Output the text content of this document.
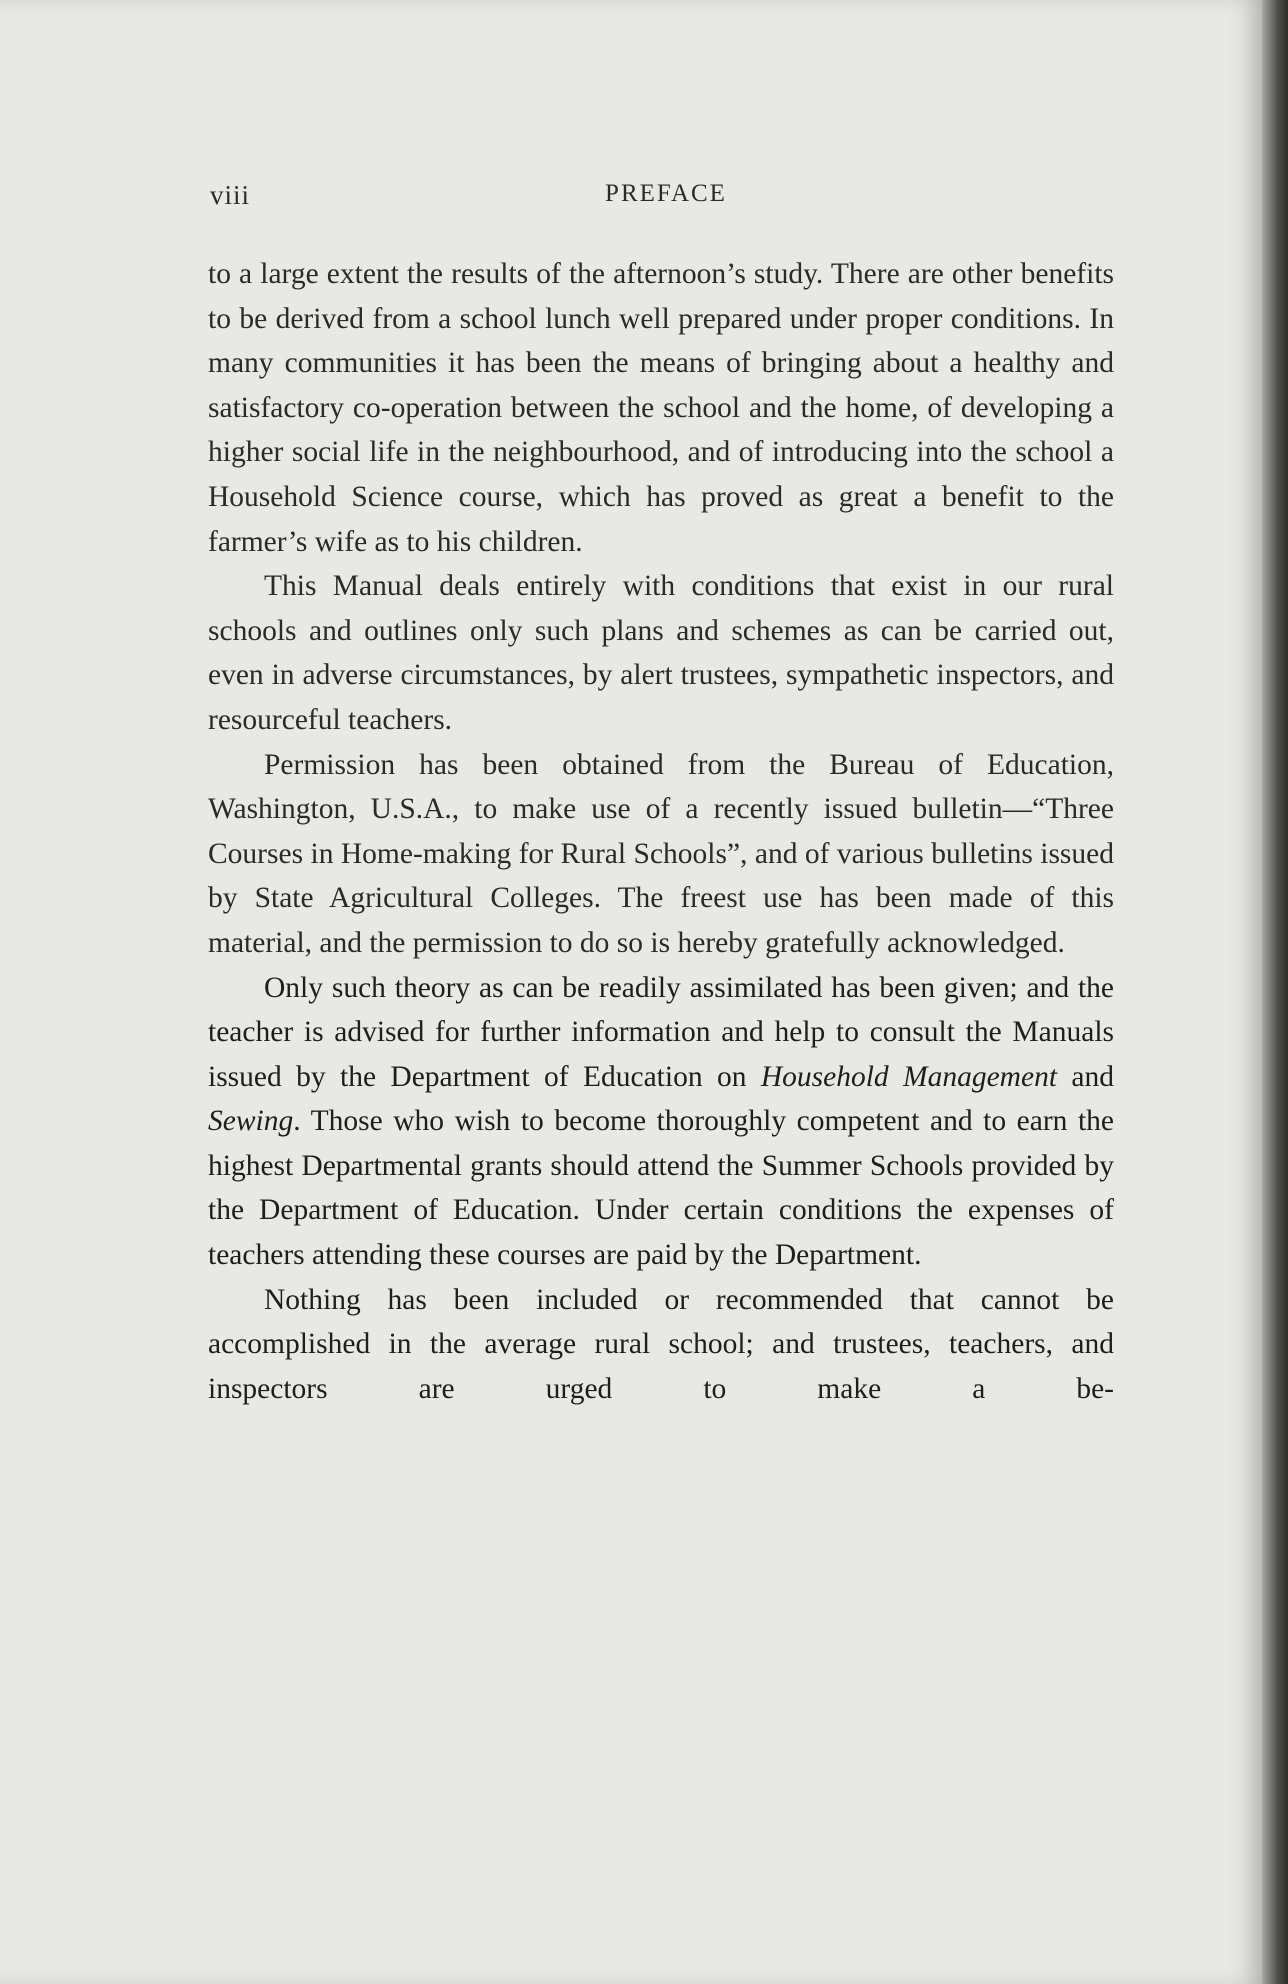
viii	PREFACE

to a large extent the results of the afternoon’s study. There are other benefits to be derived from a school lunch well prepared under proper conditions. In many communities it has been the means of bringing about a healthy and satisfactory co-operation between the school and the home, of developing a higher social life in the neighbourhood, and of introducing into the school a Household Science course, which has proved as great a benefit to the farmer’s wife as to his children.

This Manual deals entirely with conditions that exist in our rural schools and outlines only such plans and schemes as can be carried out, even in adverse circumstances, by alert trustees, sympathetic inspectors, and resourceful teachers.

Permission has been obtained from the Bureau of Education, Washington, U.S.A., to make use of a recently issued bulletin—“Three Courses in Home-making for Rural Schools”, and of various bulletins issued by State Agricultural Colleges. The freest use has been made of this material, and the permission to do so is hereby gratefully acknowledged.

Only such theory as can be readily assimilated has been given; and the teacher is advised for further information and help to consult the Manuals issued by the Department of Education on Household Management and Sewing. Those who wish to become thoroughly competent and to earn the highest Departmental grants should attend the Summer Schools provided by the Department of Education. Under certain conditions the expenses of teachers attending these courses are paid by the Department.

Nothing has been included or recommended that cannot be accomplished in the average rural school; and trustees, teachers, and inspectors are urged to make a be-
